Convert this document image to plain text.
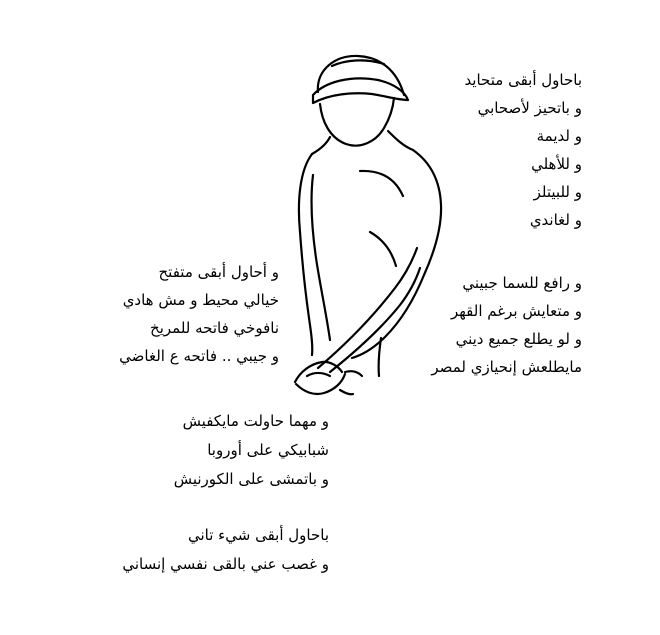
باحاول أبقى متحايد
و باتحيز لأصحابي
و لديمة
و للأهلي
و للبيتلز
و لغاندي
و رافع للسما جبيني
و متعايش برغم القهر
و لو يطلع جميع ديني
مايطلعش إنحيازي لمصر
و أحاول أبقى متفتح
خيالي محيط و مش هادي
نافوخي فاتحه للمريخ
و جيبي .. فاتحه ع الغاضي
و مهما حاولت مايكفيش
شبابيكي على أوروبا
و باتمشى على الكورنيش
باحاول أبقى شيء تاني
و غصب عني بالقى نفسي إنساني
